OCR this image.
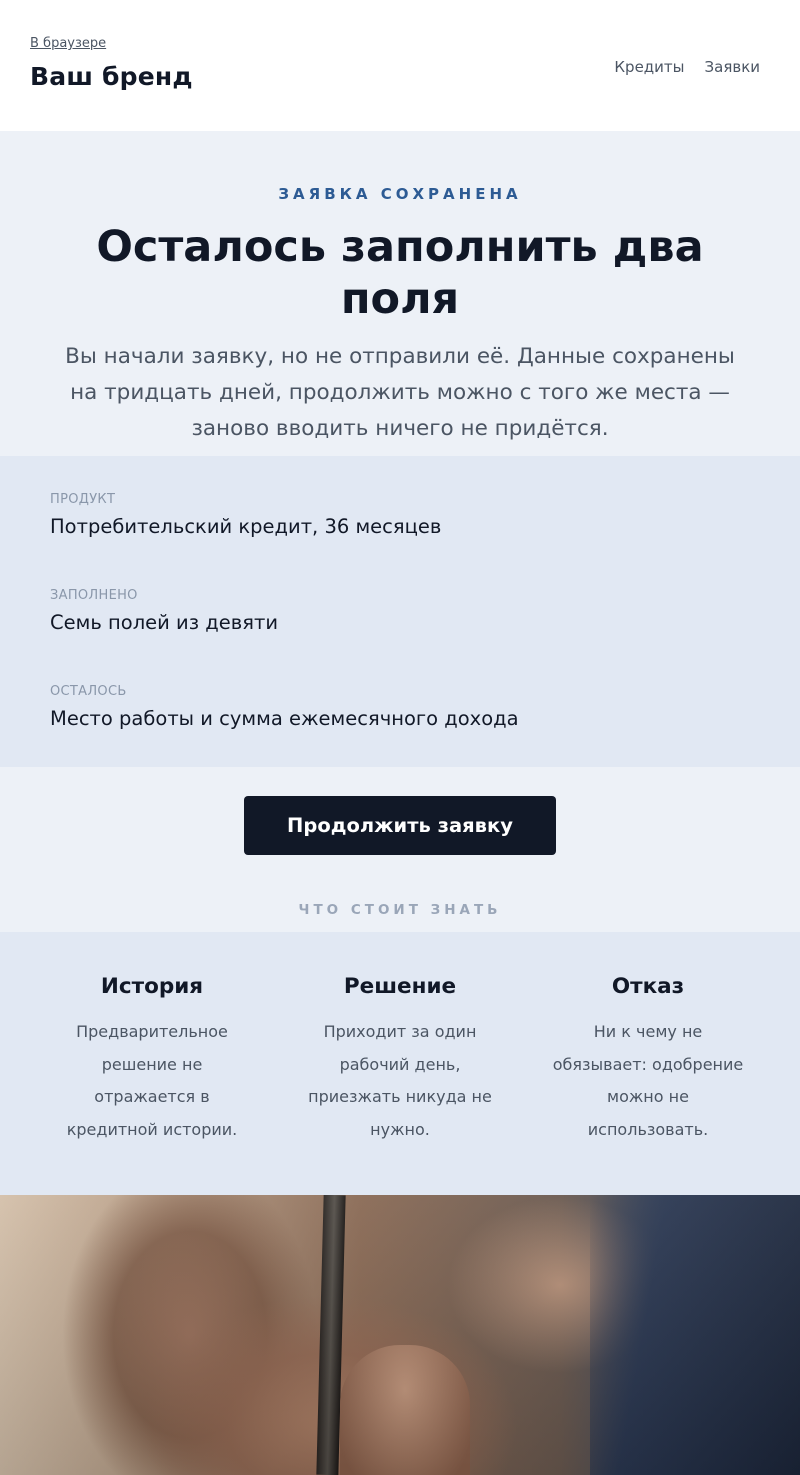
В браузере
Ваш бренд	Кредиты Заявки
ЗАЯВКА СОХРАНЕНА
Осталось заполнить два поля

Вы начали заявку, но не отправили её. Данные сохранены на тридцать дней, продолжить можно с того же места — заново вводить ничего не придётся.

ПРОДУКТ
Потребительский кредит, 36 месяцев
ЗАПОЛНЕНО
Семь полей из девяти
ОСТАЛОСЬ
Место работы и сумма ежемесячного дохода
Продолжить заявку
ЧТО СТОИТ ЗНАТЬ
История
Предварительное решение не отражается в кредитной истории.
Решение
Приходит за один рабочий день, приезжать никуда не нужно.
Отказ
Ни к чему не обязывает: одобрение можно не использовать.
